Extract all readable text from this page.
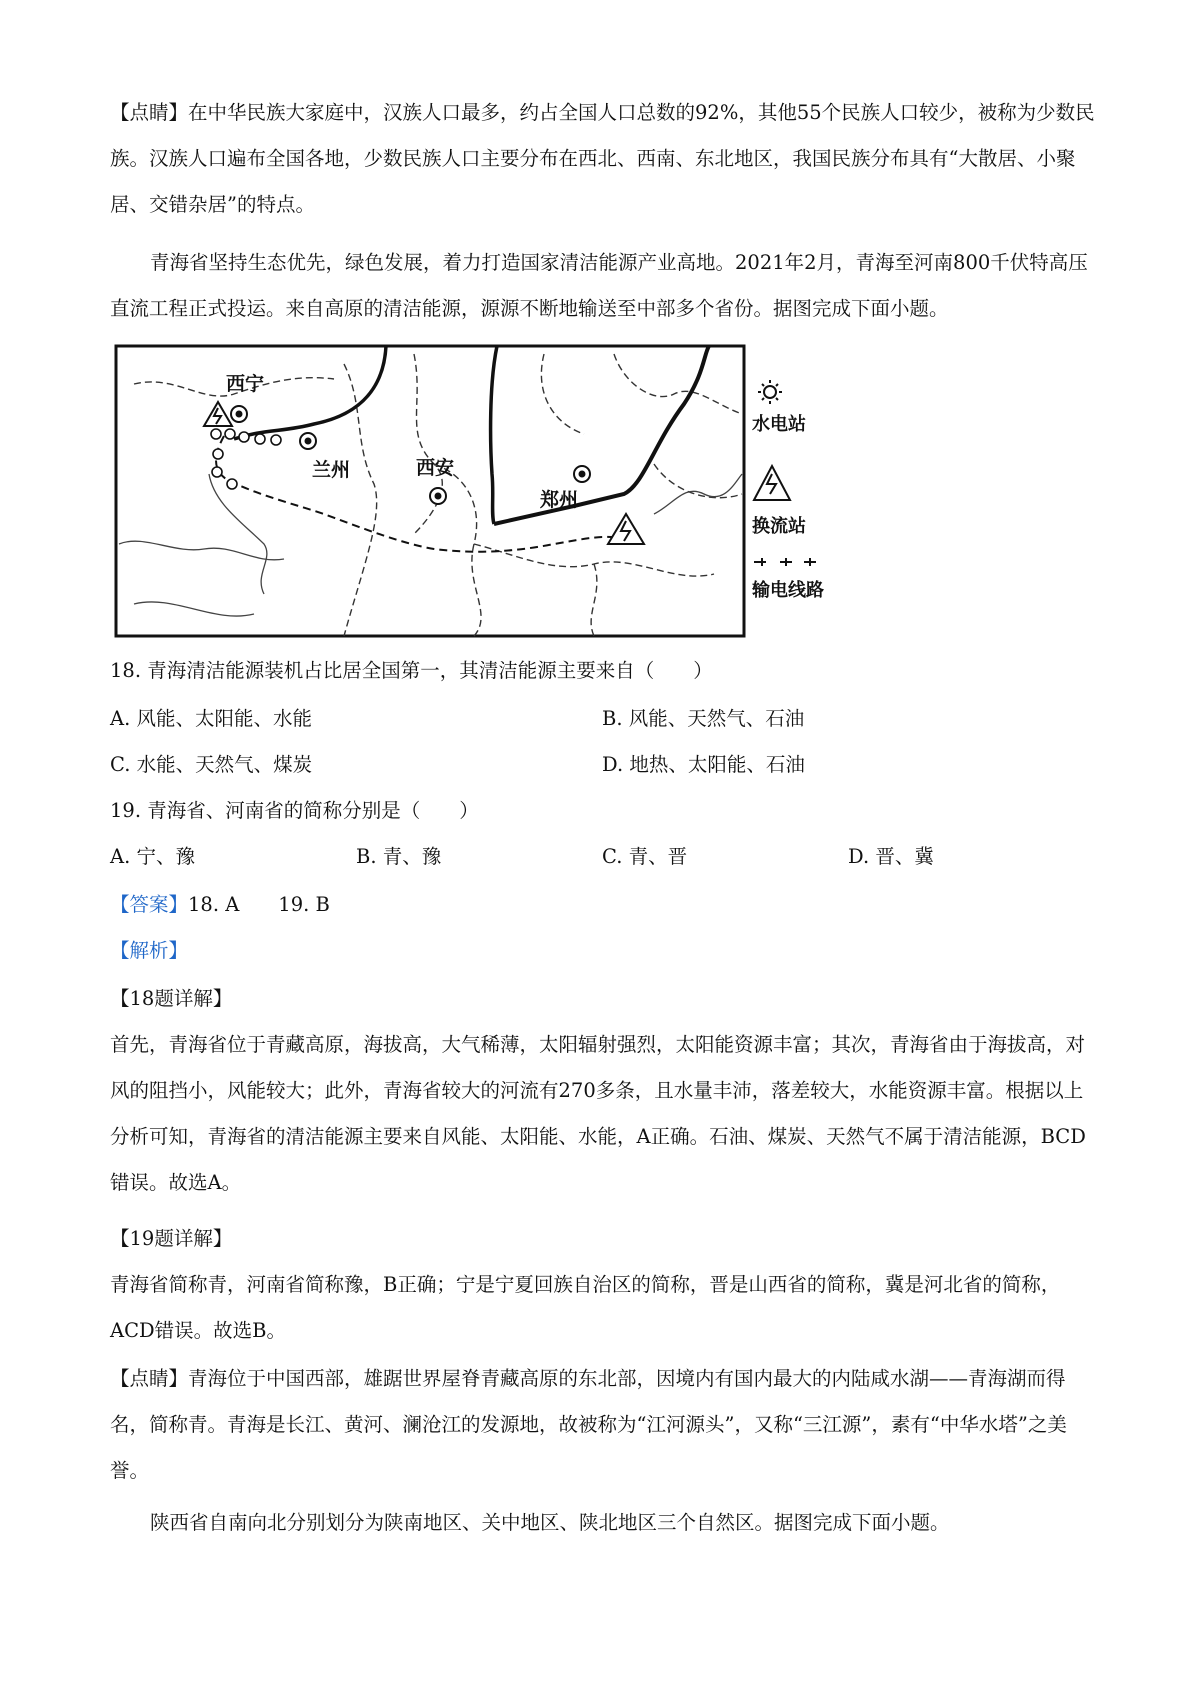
【点睛】在中华民族大家庭中，汉族人口最多，约占全国人口总数的92%，其他55个民族人口较少，被称为少数民族。汉族人口遍布全国各地，少数民族人口主要分布在西北、西南、东北地区，我国民族分布具有“大散居、小聚居、交错杂居”的特点。

青海省坚持生态优先，绿色发展，着力打造国家清洁能源产业高地。2021年2月，青海至河南800千伏特高压直流工程正式投运。来自高原的清洁能源，源源不断地输送至中部多个省份。据图完成下面小题。

西宁
兰州	西安
郑州
水电站
换流站
输电线路

18. 青海清洁能源装机占比居全国第一，其清洁能源主要来自（　　）

A. 风能、太阳能、水能	B. 风能、天然气、石油
C. 水能、天然气、煤炭	D. 地热、太阳能、石油

19. 青海省、河南省的简称分别是（　　）

A. 宁、豫	B. 青、豫	C. 青、晋	D. 晋、冀

【答案】18. A　　19. B

【解析】

【18题详解】

首先，青海省位于青藏高原，海拔高，大气稀薄，太阳辐射强烈，太阳能资源丰富；其次，青海省由于海拔高，对风的阻挡小，风能较大；此外，青海省较大的河流有270多条，且水量丰沛，落差较大，水能资源丰富。根据以上分析可知，青海省的清洁能源主要来自风能、太阳能、水能，A正确。石油、煤炭、天然气不属于清洁能源，BCD错误。故选A。

【19题详解】

青海省简称青，河南省简称豫，B正确；宁是宁夏回族自治区的简称，晋是山西省的简称，冀是河北省的简称，ACD错误。故选B。

【点睛】青海位于中国西部，雄踞世界屋脊青藏高原的东北部，因境内有国内最大的内陆咸水湖——青海湖而得名，简称青。青海是长江、黄河、澜沧江的发源地，故被称为“江河源头”，又称“三江源”，素有“中华水塔”之美誉。

陕西省自南向北分别划分为陕南地区、关中地区、陕北地区三个自然区。据图完成下面小题。
